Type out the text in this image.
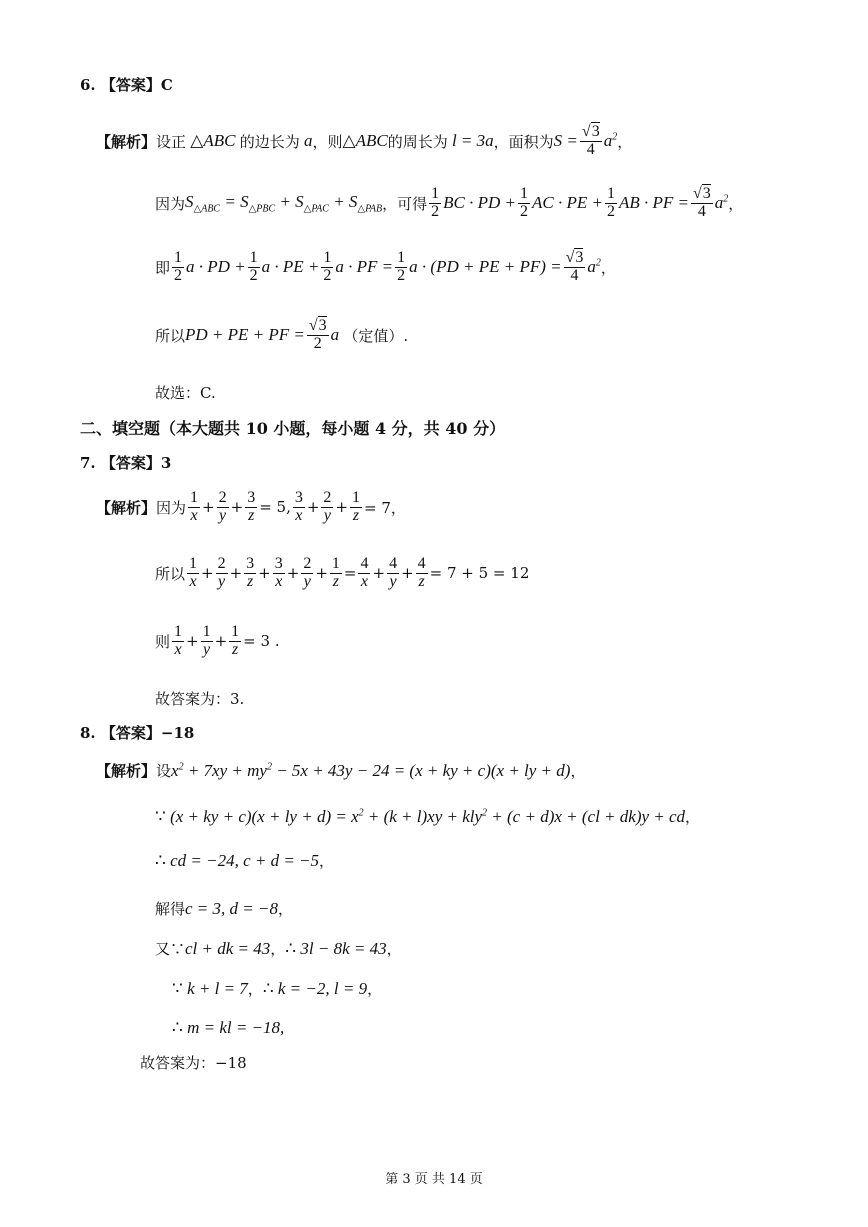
6. 【答案】C
【解析】 设正 △ABC 的边长为 a ，则 △ABC 的周长为 l = 3a ，面积为 $S = \frac{√3}{4} a^2$ ，
因为 $S_{\triangle ABC} = S_{\triangle PBC} + S_{\triangle PAC} + S_{\triangle PAB}$ ，可得 $\frac{1}{2}$ BC · PD + $\frac{1}{2}$ AC · PE + $\frac{1}{2}$ AB · PF = $\frac{√3}{4} a^2$ ，
即 $\frac{1}{2}$ a · PD + $\frac{1}{2}$ a · PE + $\frac{1}{2}$ a · PF = $\frac{1}{2}$ a · (PD + PE + $PF) = \frac{√3}{4} a^2$ ，
所以 PD + PE + PF = $\frac{√3}{2}$ a （定值）.
故选：C.
二、填空题（本大题共 10 小题，每小题 4 分，共 40 分）
7. 【答案】3
【解析】 因为 $\frac{1}{x} + \frac{2}{y} + \frac{3}{z} = 5$, $\frac{3}{x} + \frac{2}{y} + \frac{1}{z} = 7$，
所以 $\frac{1}{x} + \frac{2}{y} + \frac{3}{z} + \frac{3}{x} + \frac{2}{y} + \frac{1}{z} = \frac{4}{x} + \frac{4}{y} + \frac{4}{z} = 7 + 5 = 12$
则 $\frac{1}{x} + \frac{1}{y} + \frac{1}{z} = 3$ .
故答案为：3.
8. 【答案】−18
【解析】 设 $x^2 + 7xy + my^2 - 5x + 43y - 24 = (x$ + ky + c)(x + ly + d) ，
∵ (x + ky + c)(x + ly + $d) = x^2 + (k + l)xy + kly^2 + (c + d)x + (cl + dk)y$ + cd ，
∴ cd = −24, c + d = −5 ，
解得 c = 3, d = −8 ，
又∵ cl + dk = 43 ， ∴ 3l − 8k = 43 ，
∵ k + l = 7 ， ∴ k = −2, l = 9 ，
∴ m = kl = −18,
故答案为：−18
第 3 页 共 14 页
